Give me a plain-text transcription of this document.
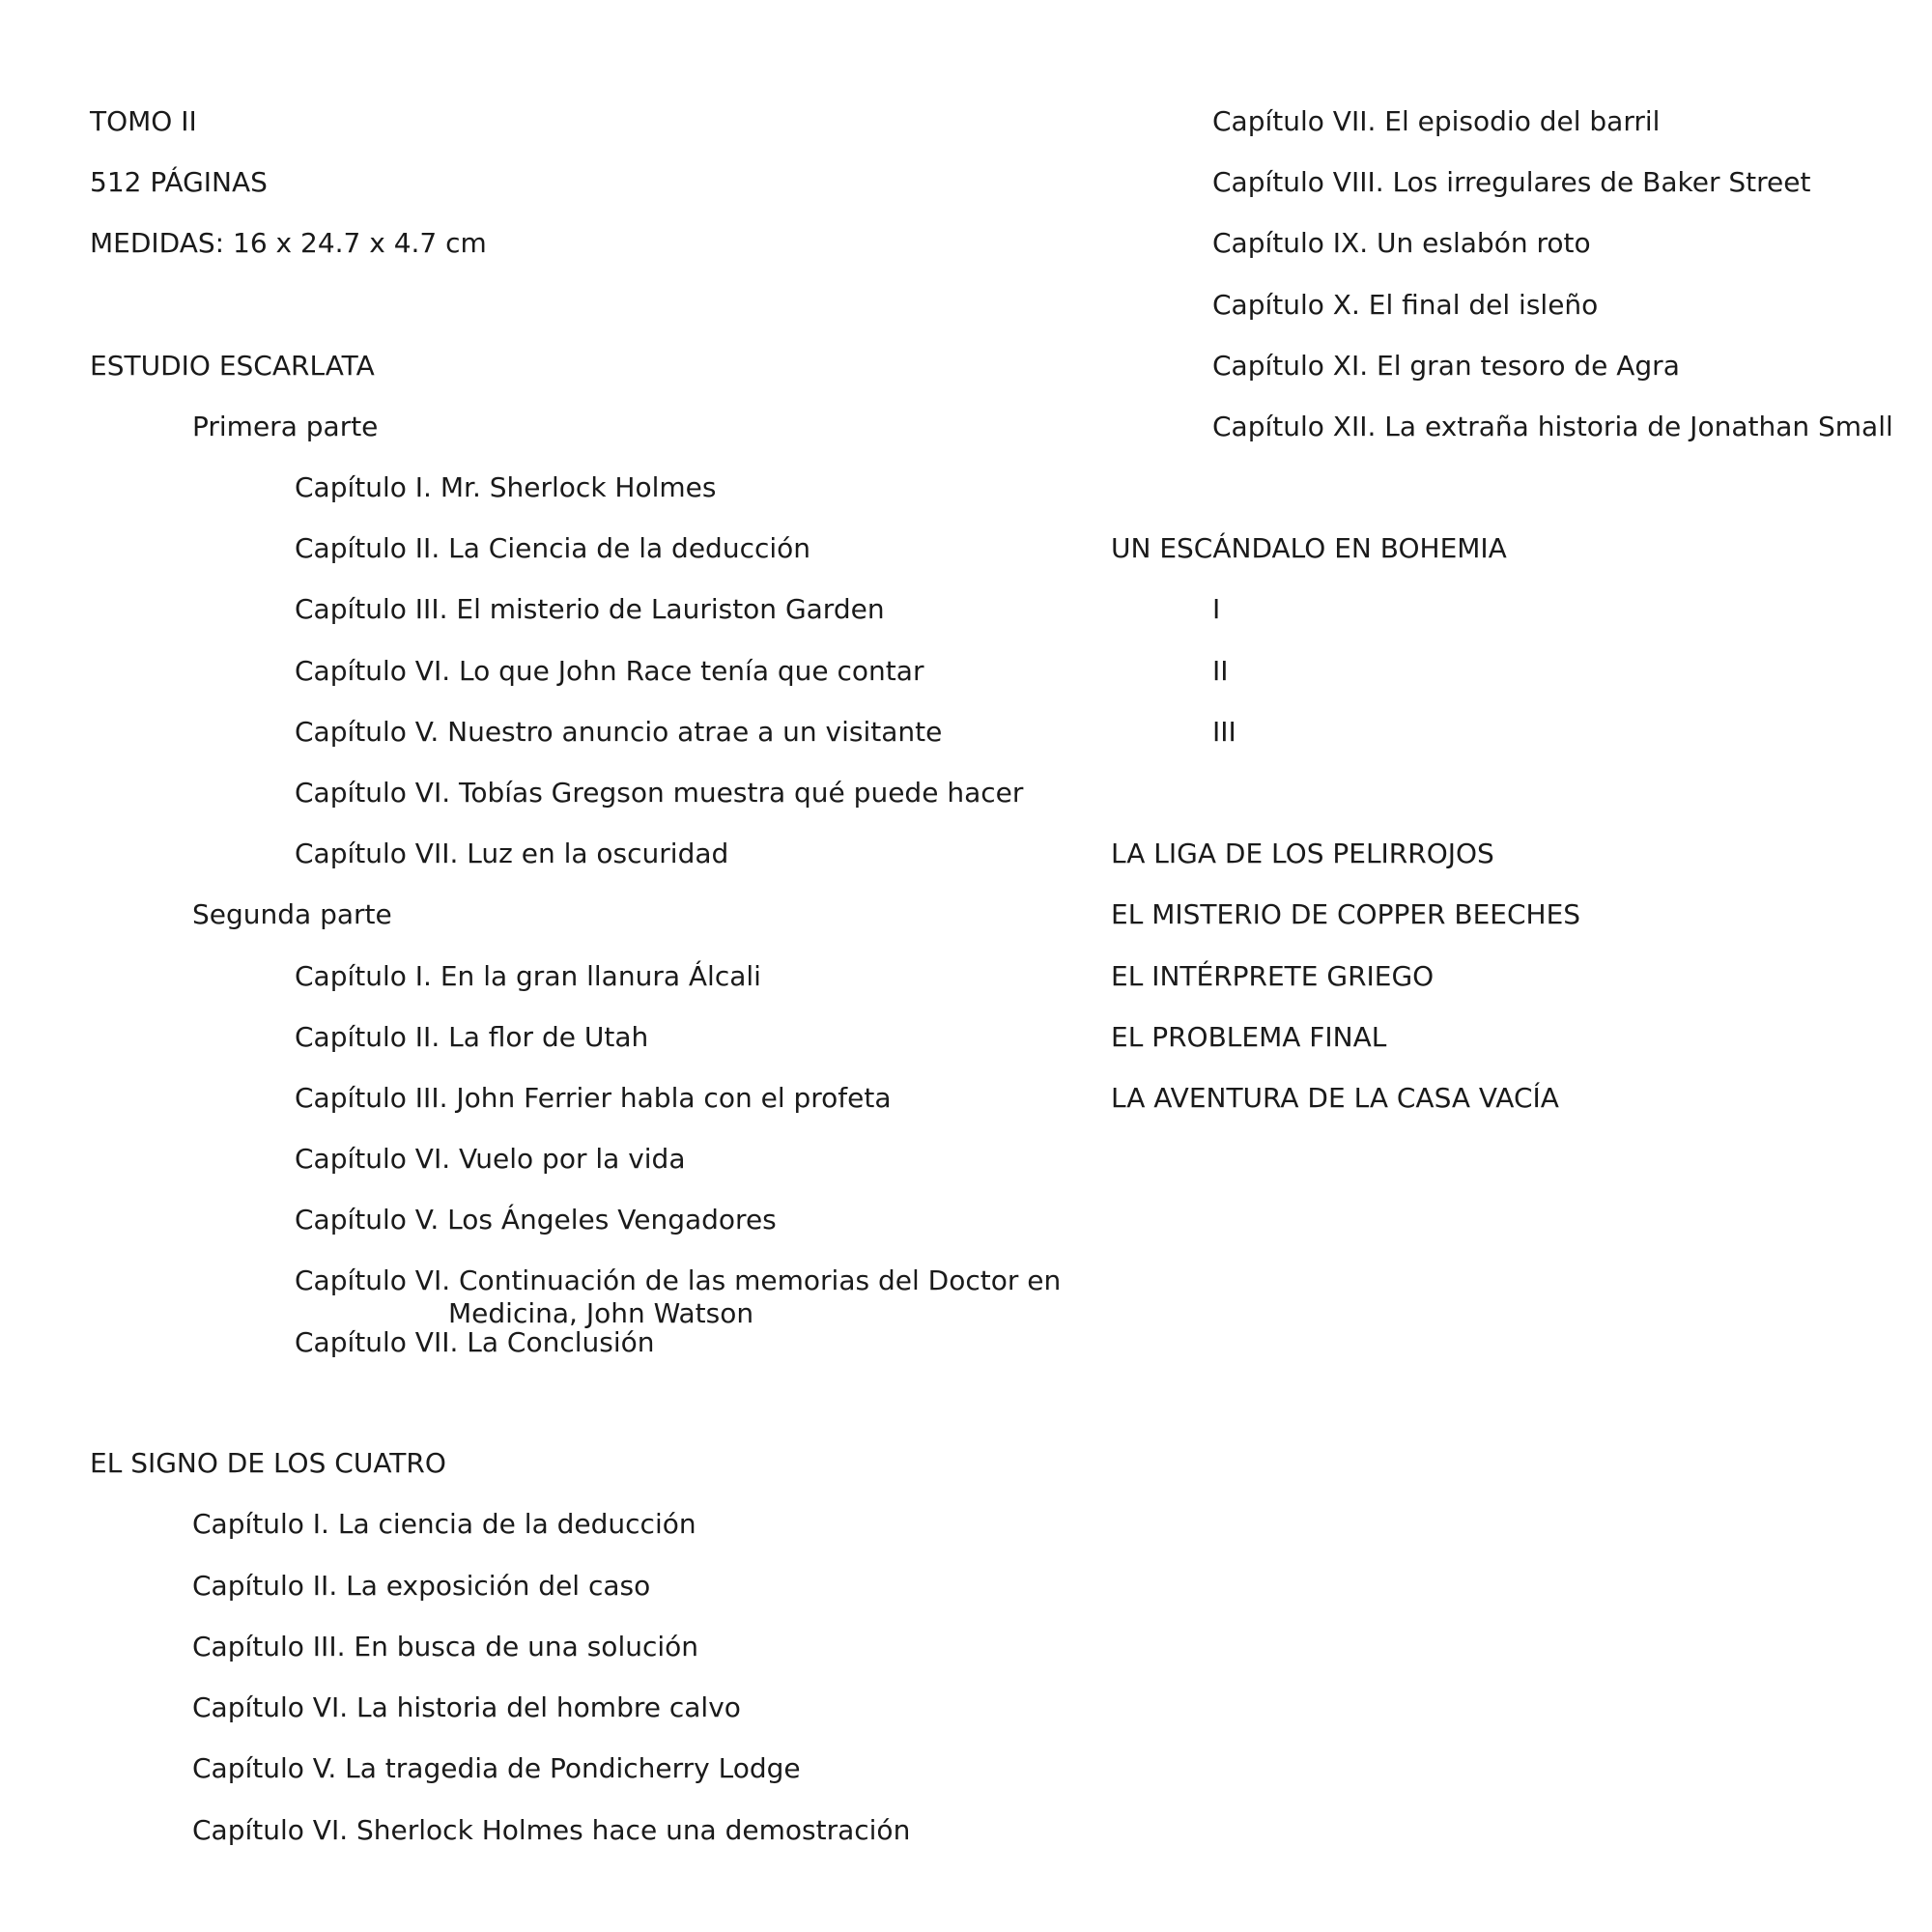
TOMO II
512 PÁGINAS
MEDIDAS: 16 x 24.7 x 4.7 cm
ESTUDIO ESCARLATA
Primera parte
Capítulo I. Mr. Sherlock Holmes
Capítulo II. La Ciencia de la deducción
Capítulo III. El misterio de Lauriston Garden
Capítulo VI. Lo que John Race tenía que contar
Capítulo V. Nuestro anuncio atrae a un visitante
Capítulo VI. Tobías Gregson muestra qué puede hacer
Capítulo VII. Luz en la oscuridad
Segunda parte
Capítulo I. En la gran llanura Álcali
Capítulo II. La flor de Utah
Capítulo III. John Ferrier habla con el profeta
Capítulo VI. Vuelo por la vida
Capítulo V. Los Ángeles Vengadores
Capítulo VI. Continuación de las memorias del Doctor en Medicina, John Watson
Capítulo VII. La Conclusión
EL SIGNO DE LOS CUATRO
Capítulo I. La ciencia de la deducción
Capítulo II. La exposición del caso
Capítulo III. En busca de una solución
Capítulo VI. La historia del hombre calvo
Capítulo V. La tragedia de Pondicherry Lodge
Capítulo VI. Sherlock Holmes hace una demostración
Capítulo VII. El episodio del barril
Capítulo VIII. Los irregulares de Baker Street
Capítulo IX. Un eslabón roto
Capítulo X. El final del isleño
Capítulo XI. El gran tesoro de Agra
Capítulo XII. La extraña historia de Jonathan Small
UN ESCÁNDALO EN BOHEMIA
I
II
III
LA LIGA DE LOS PELIRROJOS
EL MISTERIO DE COPPER BEECHES
EL INTÉRPRETE GRIEGO
EL PROBLEMA FINAL
LA AVENTURA DE LA CASA VACÍA
